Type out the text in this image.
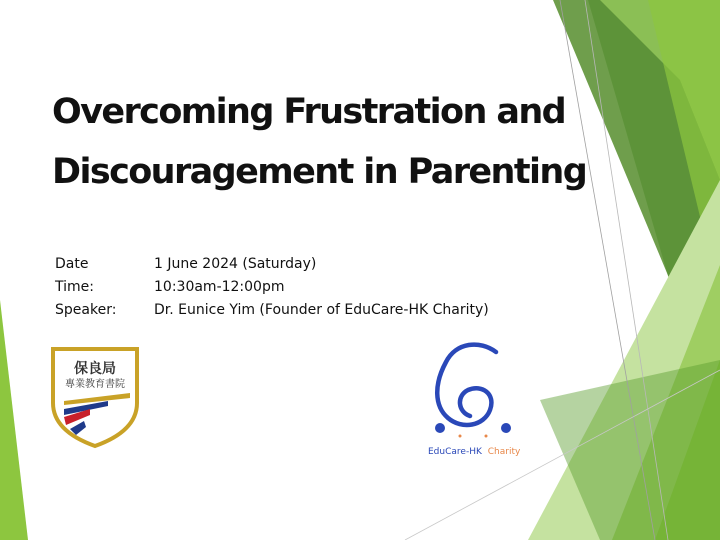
Overcoming Frustration and
Discouragement in Parenting
Date	1 June 2024 (Saturday)
Time:	10:30am-12:00pm
Speaker:	Dr. Eunice Yim (Founder of EduCare-HK Charity)
保良局
專業教育書院
EduCare-HK Charity
